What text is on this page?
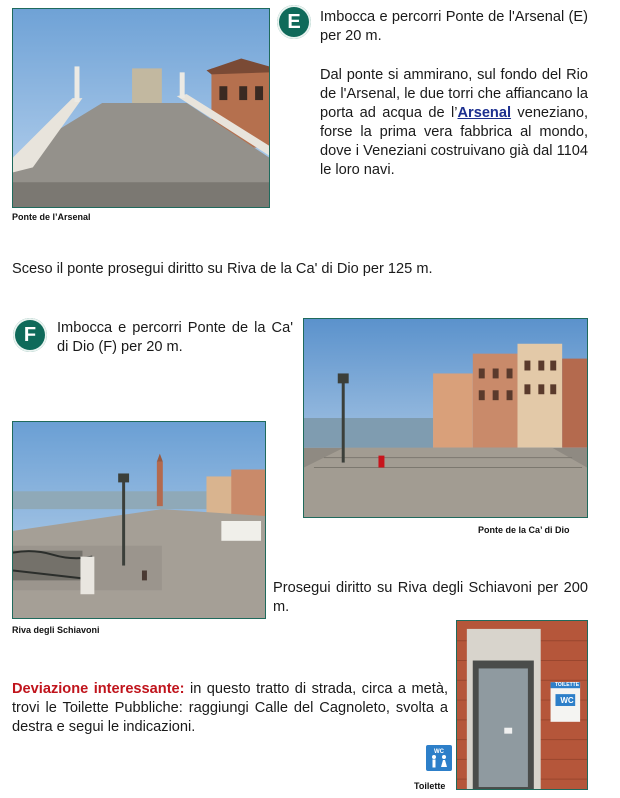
Ponte de l’Arsenal
E	Imbocca e percorri Ponte de l'Arsenal (E) per 20 m.
Dal ponte si ammirano, sul fondo del Rio de l'Arsenal, le due torri che affiancano la porta ad acqua de l’Arsenal veneziano, forse la prima vera fabbrica al mondo, dove i Veneziani costruivano già dal 1104 le loro navi.
Sceso il ponte prosegui diritto su Riva de la Ca' di Dio per 125 m.
F	Imbocca e percorri Ponte de la Ca' di Dio (F) per 20 m.
Ponte de la Ca’ di Dio
Riva degli Schiavoni
Prosegui diritto su Riva degli Schiavoni per 200 m.
Deviazione interessante: in questo tratto di strada, circa a metà, trovi le Toilette Pubbliche: raggiungi Calle del Cagnoleto, svolta a destra e segui le indicazioni.
TOILETTE
WC
WC
Toilette
